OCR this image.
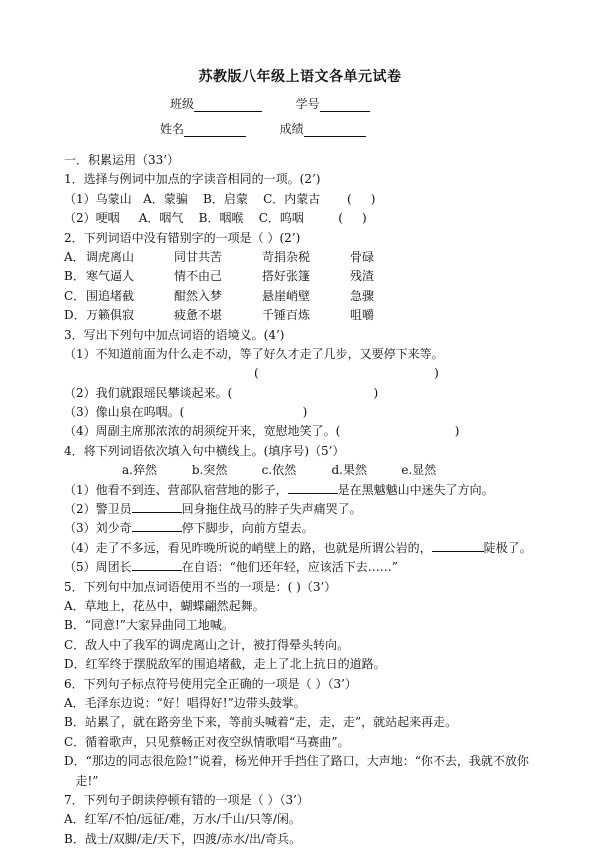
苏教版八年级上语文各单元试卷
班级	学号
姓名	成绩
一．积累运用（33’）
1．选择与例词中加点的字读音相同的一项。(2’)
（1）乌蒙山   A．蒙骗    B．启蒙    C．内蒙古       (     )
（2）哽咽     A．咽气    B．咽喉    C．呜咽         (     )
2．下列词语中没有错别字的一项是（ ）(2’)
A． 调虎离山	同甘共苦	苛捐杂税	骨碌
B． 寒气逼人	情不由己	搭好张篷	残渣
C． 围追堵截	酣然入梦	悬崖峭壁	急骤
D． 万籁俱寂	疲惫不堪	千锤百炼	咀嚼
3．写出下列句中加点词语的语境义。(4’)
（1）不知道前面为什么走不动，等了好久才走了几步，又要停下来等。
(                                              )
（2）我们就跟瑶民攀谈起来。(                                     )
（3）像山泉在呜咽。(                               )
（4）周副主席那浓浓的胡须绽开来，宽慰地笑了。(                              )
4．将下列词语依次填入句中横线上。(填序号)（5’）
a.猝然	b.突然	c.依然	d.果然	e.显然
（1）他看不到连、营部队宿营地的影子，	是在黑魆魆山中迷失了方向。
（2）警卫员	回身拖住战马的脖子失声痛哭了。
（3）刘少奇	停下脚步，向前方望去。
（4）走了不多远，看见昨晚所说的峭壁上的路，也就是所谓公岩的，	陡极了。
（5）周团长	在自语：“他们还年轻，应该活下去……”
5．下列句中加点词语使用不当的一项是：( )（3’）
A．草地上，花丛中，蝴蝶翩然起舞。
B．“同意!”大家异曲同工地喊。
C．敌人中了我军的调虎离山之计，被打得晕头转向。
D．红军终于摆脱敌军的围追堵截，走上了北上抗日的道路。
6．下列句子标点符号使用完全正确的一项是（ ）（3’）
A．毛泽东边说：“好！唱得好!”边带头鼓掌。
B．站累了，就在路旁坐下来，等前头喊着“走，走，走”，就站起来再走。
C．循着歌声，只见蔡畅正对夜空纵情歌唱“马赛曲”。
D．“那边的同志很危险!”说着，杨光伸开手挡住了路口，大声地：“你不去，我就不放你
走!”
7．下列句子朗读停顿有错的一项是（ ）（3’）
A．红军/不怕/远征/难，万水/千山/只等/闲。
B．战士/双脚/走/天下，四渡/赤水/出/奇兵。
